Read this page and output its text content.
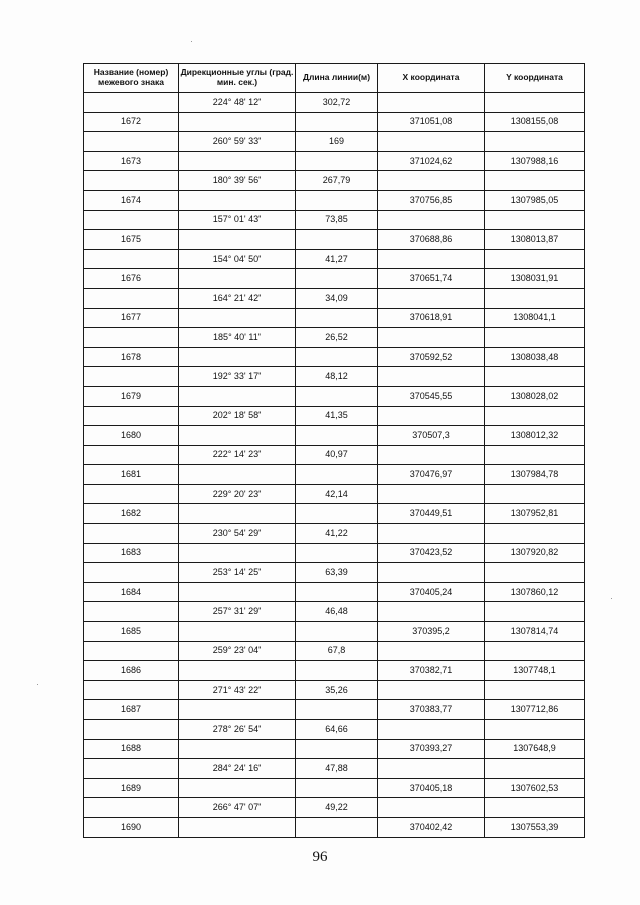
Название (номер) межевого знака	Дирекционные углы (град. мин. сек.)	Длина линии(м)	X координата	Y координата
	224° 48' 12"	302,72		
1672			371051,08	1308155,08
	260° 59' 33"	169		
1673			371024,62	1307988,16
	180° 39' 56"	267,79		
1674			370756,85	1307985,05
	157° 01' 43"	73,85		
1675			370688,86	1308013,87
	154° 04' 50"	41,27		
1676			370651,74	1308031,91
	164° 21' 42"	34,09		
1677			370618,91	1308041,1
	185° 40' 11"	26,52		
1678			370592,52	1308038,48
	192° 33' 17"	48,12		
1679			370545,55	1308028,02
	202° 18' 58"	41,35		
1680			370507,3	1308012,32
	222° 14' 23"	40,97		
1681			370476,97	1307984,78
	229° 20' 23"	42,14		
1682			370449,51	1307952,81
	230° 54' 29"	41,22		
1683			370423,52	1307920,82
	253° 14' 25"	63,39		
1684			370405,24	1307860,12
	257° 31' 29"	46,48		
1685			370395,2	1307814,74
	259° 23' 04"	67,8		
1686			370382,71	1307748,1
	271° 43' 22"	35,26		
1687			370383,77	1307712,86
	278° 26' 54"	64,66		
1688			370393,27	1307648,9
	284° 24' 16"	47,88		
1689			370405,18	1307602,53
	266° 47' 07"	49,22		
1690			370402,42	1307553,39
96
